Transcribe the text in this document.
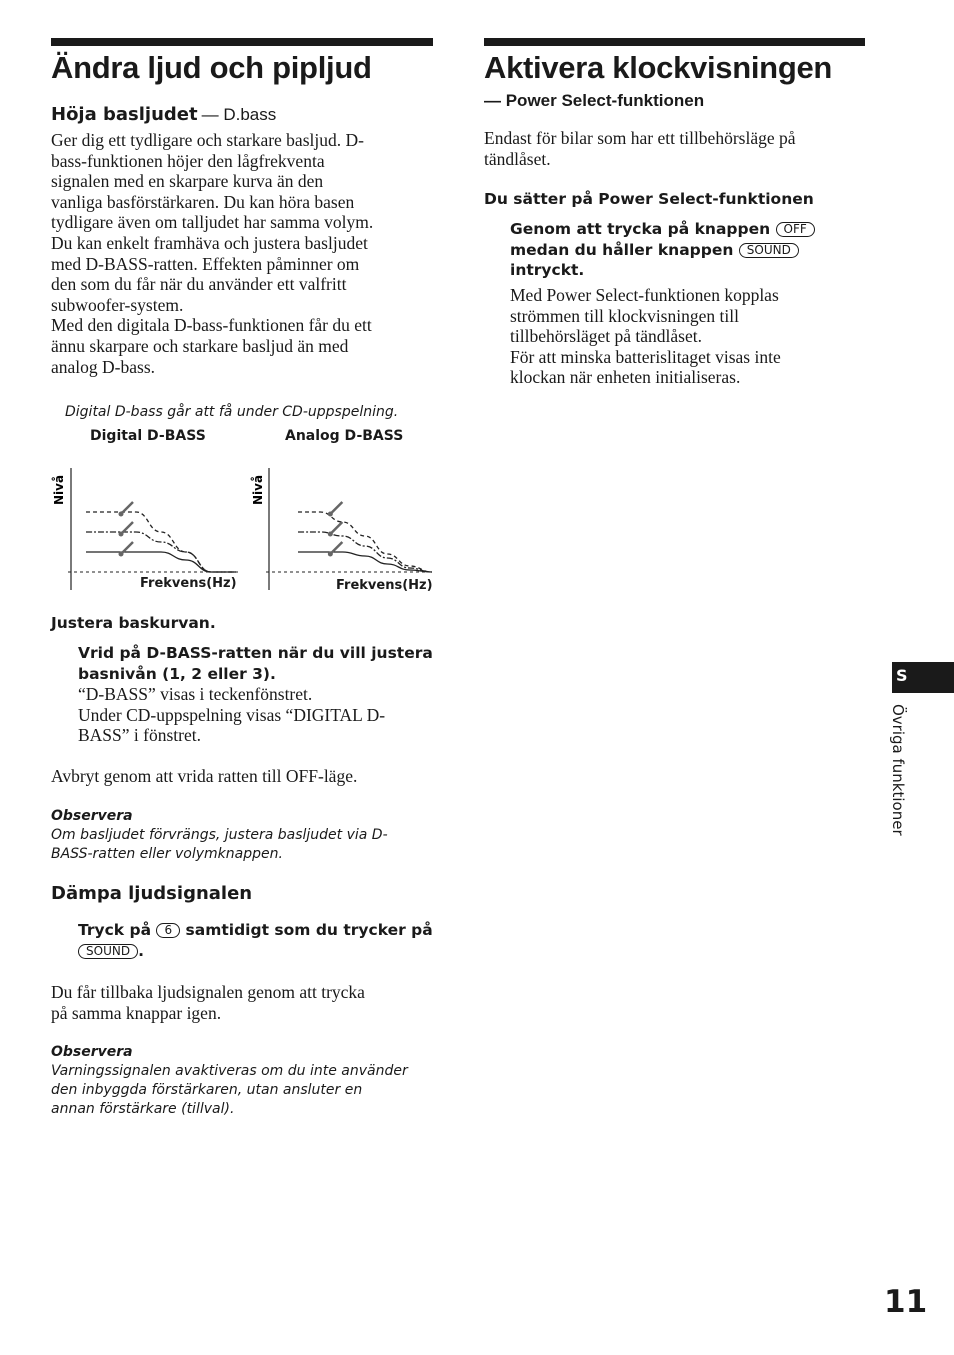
Ändra ljud och pipljud
Höja basljudet — D.bass
Ger dig ett tydligare och starkare basljud. D-
bass-funktionen höjer den lågfrekventa
signalen med en skarpare kurva än den
vanliga basförstärkaren. Du kan höra basen
tydligare även om talljudet har samma volym.
Du kan enkelt framhäva och justera basljudet
med D-BASS-ratten. Effekten påminner om
den som du får när du använder ett valfritt
subwoofer-system.
Med den digitala D-bass-funktionen får du ett
ännu skarpare och starkare basljud än med
analog D-bass.
Digital D-bass går att få under CD-uppspelning.
Digital D-BASS	Analog D-BASS
Nivå
Frekvens(Hz)
Nivå
Frekvens(Hz)
Justera baskurvan.
Vrid på D-BASS-ratten när du vill justera
basnivån (1, 2 eller 3).
“D-BASS” visas i teckenfönstret.
Under CD-uppspelning visas “DIGITAL D-
BASS” i fönstret.
Avbryt genom att vrida ratten till OFF-läge.
Observera
Om basljudet förvrängs, justera basljudet via D-
BASS-ratten eller volymknappen.
Dämpa ljudsignalen
Tryck på 6 samtidigt som du trycker på
SOUND .
Du får tillbaka ljudsignalen genom att trycka
på samma knappar igen.
Observera
Varningssignalen avaktiveras om du inte använder
den inbyggda förstärkaren, utan ansluter en
annan förstärkare (tillval).
Aktivera klockvisningen
— Power Select-funktionen
Endast för bilar som har ett tillbehörsläge på
tändlåset.
Du sätter på Power Select-funktionen
Genom att trycka på knappen OFF
medan du håller knappen SOUND
intryckt.
Med Power Select-funktionen kopplas
strömmen till klockvisningen till
tillbehörsläget på tändlåset.
För att minska batterislitaget visas inte
klockan när enheten initialiseras.
S
Övriga funktioner
11
